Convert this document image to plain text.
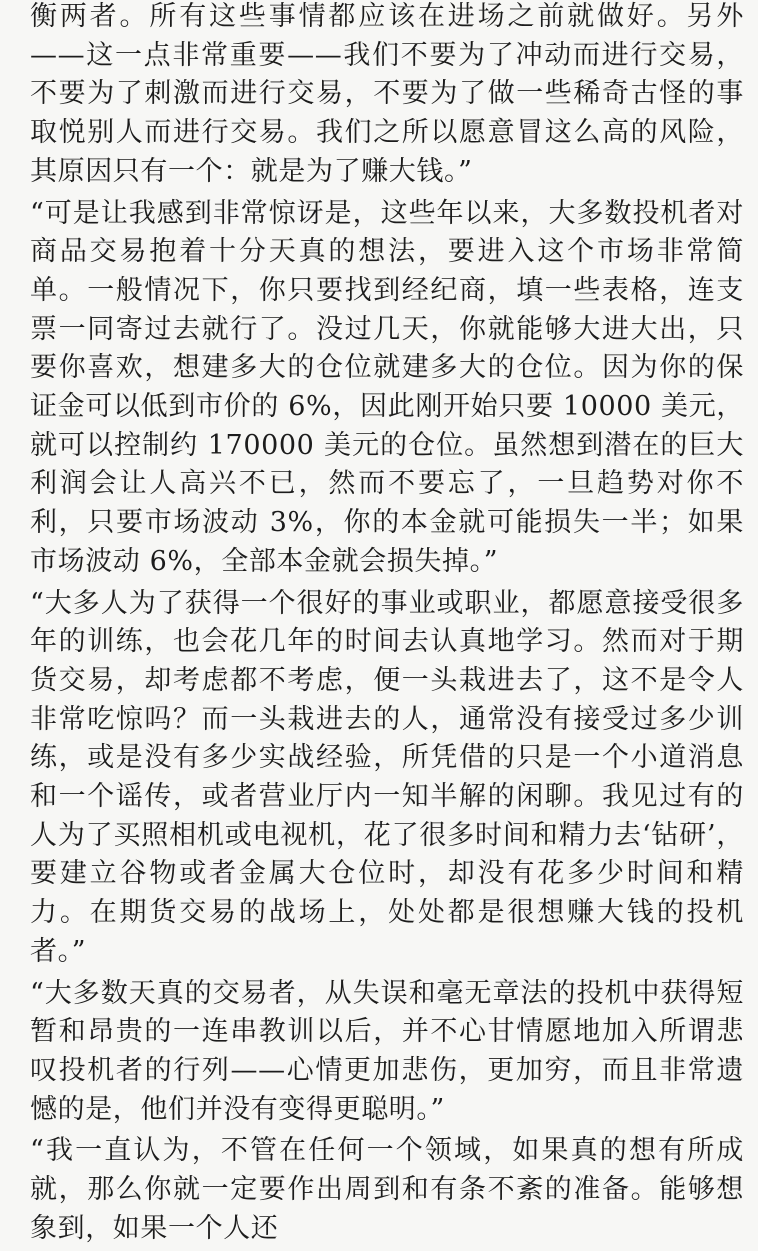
衡两者。所有这些事情都应该在进场之前就做好。另外——这一点非常重要——我们不要为了冲动而进行交易，不要为了刺激而进行交易，不要为了做一些稀奇古怪的事取悦别人而进行交易。我们之所以愿意冒这么高的风险，其原因只有一个：就是为了赚大钱。”

“可是让我感到非常惊讶是，这些年以来，大多数投机者对商品交易抱着十分天真的想法，要进入这个市场非常简单。一般情况下，你只要找到经纪商，填一些表格，连支票一同寄过去就行了。没过几天，你就能够大进大出，只要你喜欢，想建多大的仓位就建多大的仓位。因为你的保证金可以低到市价的 6%，因此刚开始只要 10000 美元，就可以控制约 170000 美元的仓位。虽然想到潜在的巨大利润会让人高兴不已，然而不要忘了，一旦趋势对你不利，只要市场波动 3%，你的本金就可能损失一半；如果市场波动 6%，全部本金就会损失掉。”

“大多人为了获得一个很好的事业或职业，都愿意接受很多年的训练，也会花几年的时间去认真地学习。然而对于期货交易，却考虑都不考虑，便一头栽进去了，这不是令人非常吃惊吗？而一头栽进去的人，通常没有接受过多少训练，或是没有多少实战经验，所凭借的只是一个小道消息和一个谣传，或者营业厅内一知半解的闲聊。我见过有的人为了买照相机或电视机，花了很多时间和精力去‘钻研’，要建立谷物或者金属大仓位时，却没有花多少时间和精力。在期货交易的战场上，处处都是很想赚大钱的投机者。”

“大多数天真的交易者，从失误和毫无章法的投机中获得短暂和昂贵的一连串教训以后，并不心甘情愿地加入所谓悲叹投机者的行列——心情更加悲伤，更加穷，而且非常遗憾的是，他们并没有变得更聪明。”

“我一直认为，不管在任何一个领域，如果真的想有所成就，那么你就一定要作出周到和有条不紊的准备。能够想象到，如果一个人还
